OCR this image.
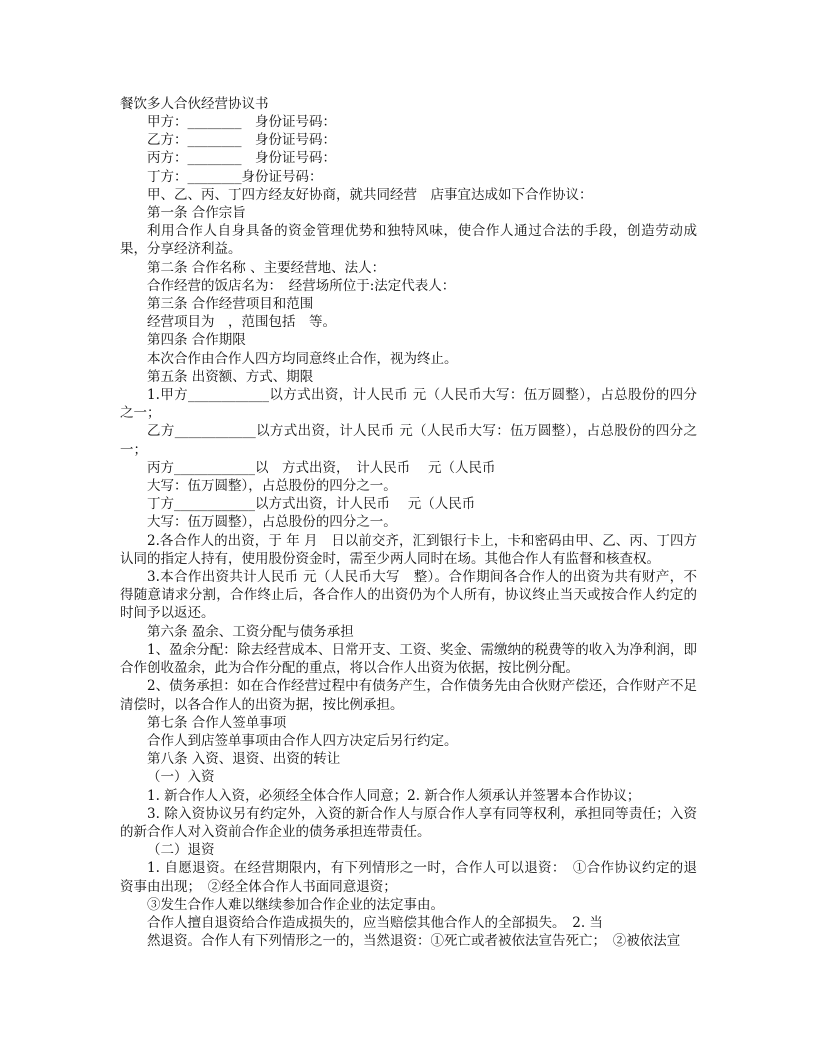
餐饮多人合伙经营协议书

甲方：________　身份证号码：

乙方：________　身份证号码：

丙方：________　身份证号码：

丁方：________身份证号码：

甲、乙、丙、丁四方经友好协商，就共同经营　店事宜达成如下合作协议：

第一条 合作宗旨

利用合作人自身具备的资金管理优势和独特风味，使合作人通过合法的手段，创造劳动成果，分享经济利益。

第二条 合作名称 、主要经营地、法人：

合作经营的饭店名为：　经营场所位于:法定代表人：

第三条 合作经营项目和范围

经营项目为　，范围包括　等。

第四条 合作期限

本次合作由合作人四方均同意终止合作，视为终止。

第五条 出资额、方式、期限

1.甲方____________以方式出资，计人民币 元（人民币大写：伍万圆整），占总股份的四分之一；

乙方____________以方式出资，计人民币 元（人民币大写：伍万圆整），占总股份的四分之一；

丙方____________以　方式出资，　计人民币　 元（人民币

大写：伍万圆整），占总股份的四分之一。

丁方____________以方式出资，计人民币　 元（人民币

大写：伍万圆整），占总股份的四分之一。

2.各合作人的出资，于 年 月　日以前交齐，汇到银行卡上，卡和密码由甲、乙、丙、丁四方认同的指定人持有，使用股份资金时，需至少两人同时在场。其他合作人有监督和核查权。

3.本合作出资共计人民币 元（人民币大写　整）。合作期间各合作人的出资为共有财产，不得随意请求分割，合作终止后，各合作人的出资仍为个人所有，协议终止当天或按合作人约定的时间予以返还。

第六条 盈余、工资分配与债务承担

1、盈余分配：除去经营成本、日常开支、工资、奖金、需缴纳的税费等的收入为净利润，即合作创收盈余，此为合作分配的重点，将以合作人出资为依据，按比例分配。

2、债务承担：如在合作经营过程中有债务产生，合作债务先由合伙财产偿还，合作财产不足清偿时，以各合作人的出资为据，按比例承担。

第七条 合作人签单事项

合作人到店签单事项由合作人四方决定后另行约定。

第八条 入资、退资、出资的转让

（一）入资

1. 新合作人入资，必须经全体合作人同意；2. 新合作人须承认并签署本合作协议；

3. 除入资协议另有约定外，入资的新合作人与原合作人享有同等权利，承担同等责任；入资的新合作人对入资前合作企业的债务承担连带责任。

（二）退资

1. 自愿退资。在经营期限内，有下列情形之一时，合作人可以退资：　①合作协议约定的退资事由出现；　②经全体合作人书面同意退资；

③发生合作人难以继续参加合作企业的法定事由。

合作人擅自退资给合作造成损失的，应当赔偿其他合作人的全部损失。　2. 当

然退资。合作人有下列情形之一的，当然退资：①死亡或者被依法宣告死亡；　②被依法宣
